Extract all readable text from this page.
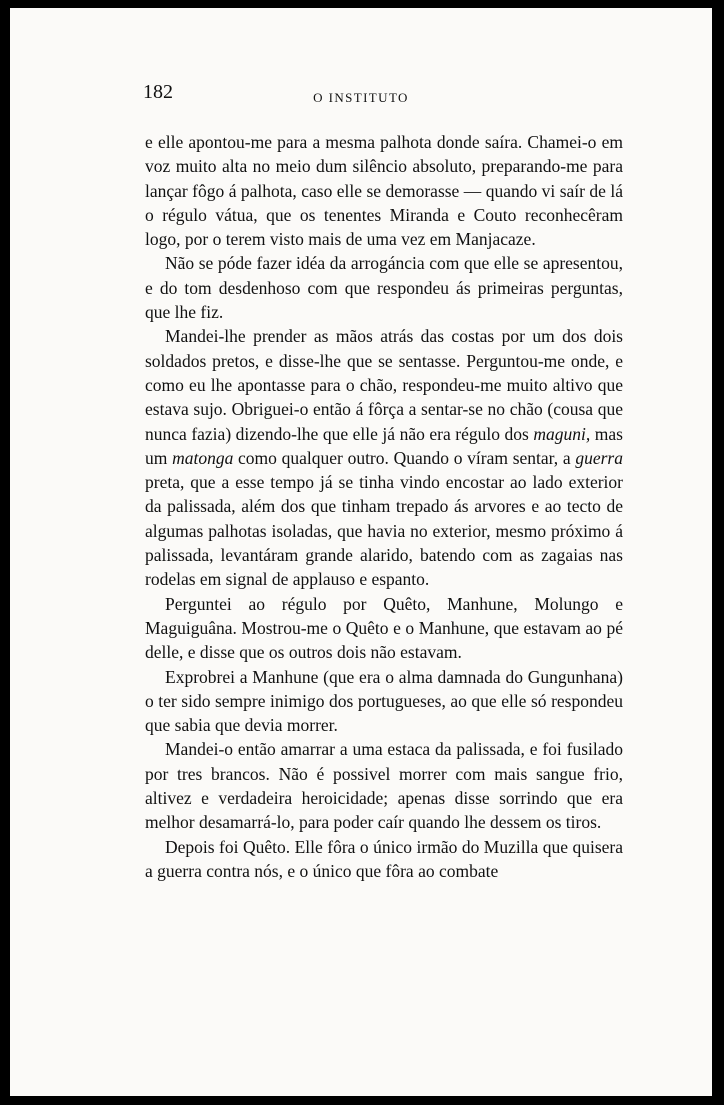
182	O INSTITUTO

e elle apontou-me para a mesma palhota donde saíra. Chamei-o em voz muito alta no meio dum silêncio absoluto, preparando-me para lançar fôgo á palhota, caso elle se demorasse — quando vi saír de lá o régulo vátua, que os tenentes Miranda e Couto reconhecêram logo, por o terem visto mais de uma vez em Manjacaze.

Não se póde fazer idéa da arrogáncia com que elle se apresentou, e do tom desdenhoso com que respondeu ás primeiras perguntas, que lhe fiz.

Mandei-lhe prender as mãos atrás das costas por um dos dois soldados pretos, e disse-lhe que se sentasse. Perguntou-me onde, e como eu lhe apontasse para o chão, respondeu-me muito altivo que estava sujo. Obriguei-o então á fôrça a sentar-se no chão (cousa que nunca fazia) dizendo-lhe que elle já não era régulo dos maguni, mas um matonga como qualquer outro. Quando o víram sentar, a guerra preta, que a esse tempo já se tinha vindo encostar ao lado exterior da palissada, além dos que tinham trepado ás arvores e ao tecto de algumas palhotas isoladas, que havia no exterior, mesmo próximo á palissada, levantáram grande alarido, batendo com as zagaias nas rodelas em signal de applauso e espanto.

Perguntei ao régulo por Quêto, Manhune, Molungo e Maguiguâna. Mostrou-me o Quêto e o Manhune, que estavam ao pé delle, e disse que os outros dois não estavam.

Exprobrei a Manhune (que era o alma damnada do Gungunhana) o ter sido sempre inimigo dos portugueses, ao que elle só respondeu que sabia que devia morrer.

Mandei-o então amarrar a uma estaca da palissada, e foi fusilado por tres brancos. Não é possivel morrer com mais sangue frio, altivez e verdadeira heroicidade; apenas disse sorrindo que era melhor desamarrá-lo, para poder caír quando lhe dessem os tiros.

Depois foi Quêto. Elle fôra o único irmão do Muzilla que quisera a guerra contra nós, e o único que fôra ao combate
